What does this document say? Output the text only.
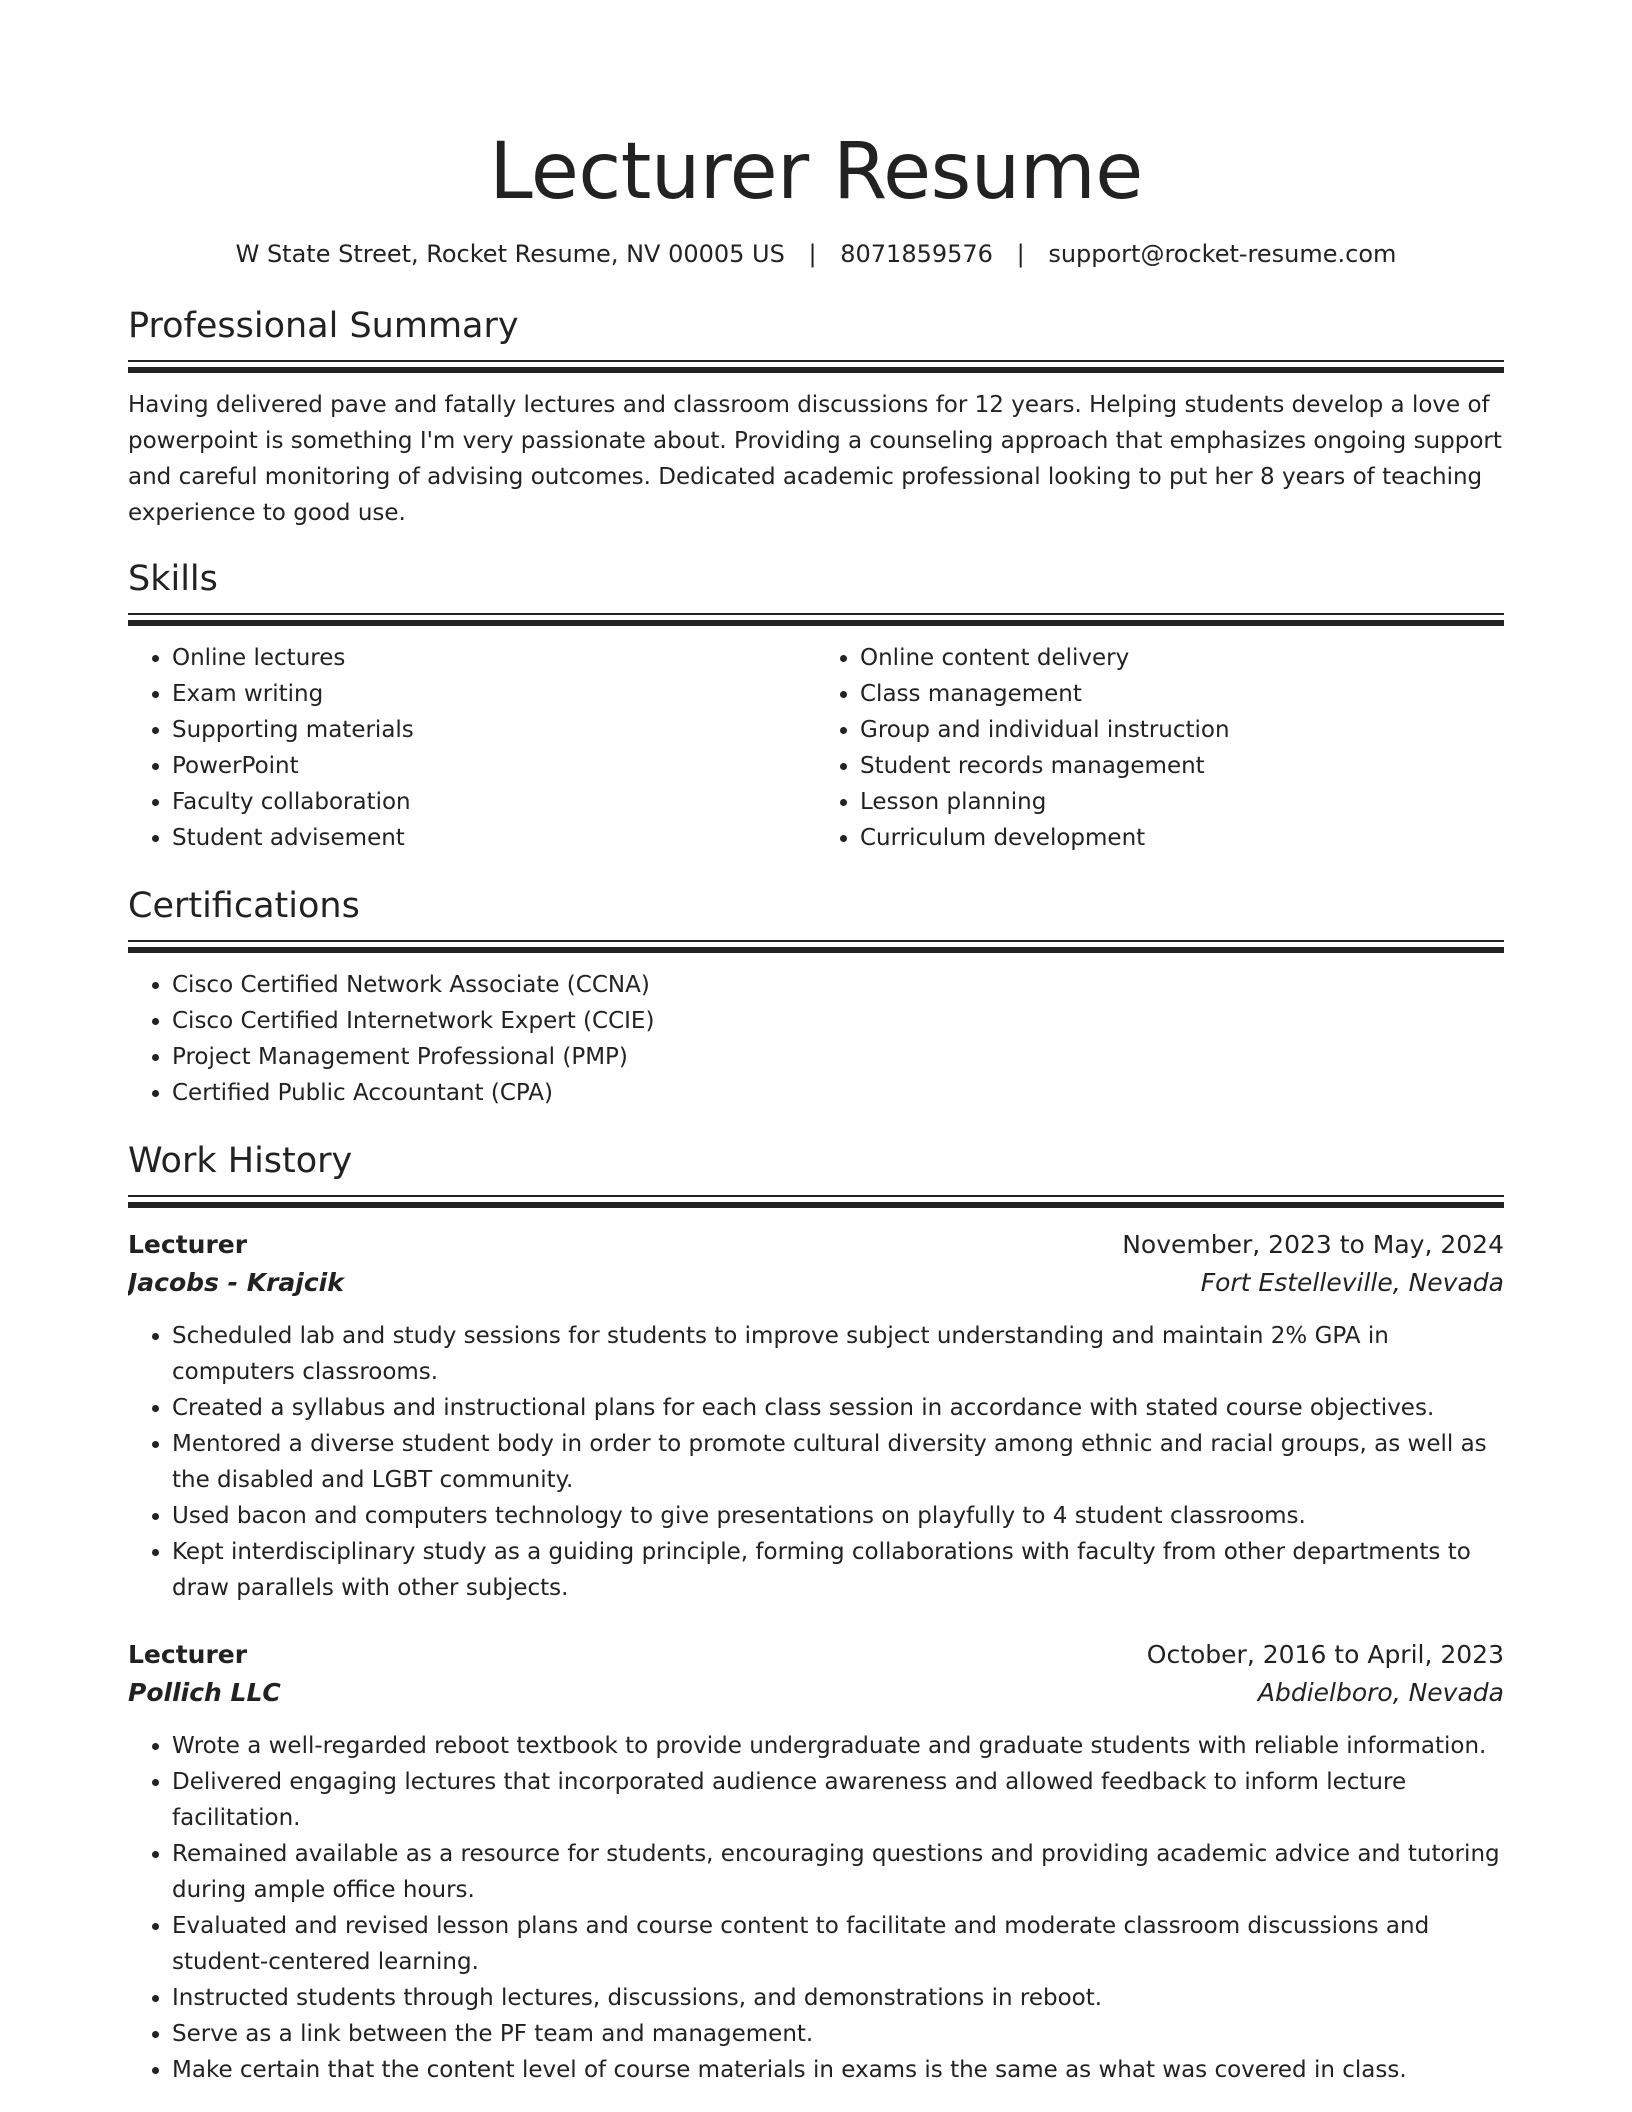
Lecturer Resume
W State Street, Rocket Resume, NV 00005 US | 8071859576 | support@rocket-resume.com
Professional Summary

Having delivered pave and fatally lectures and classroom discussions for 12 years. Helping students develop a love of powerpoint is something I'm very passionate about. Providing a counseling approach that emphasizes ongoing support and careful monitoring of advising outcomes. Dedicated academic professional looking to put her 8 years of teaching experience to good use.

Skills
• Online lectures
• Exam writing
• Supporting materials
• PowerPoint
• Faculty collaboration
• Student advisement
• Online content delivery
• Class management
• Group and individual instruction
• Student records management
• Lesson planning
• Curriculum development
Certifications
• Cisco Certified Network Associate (CCNA)
• Cisco Certified Internetwork Expert (CCIE)
• Project Management Professional (PMP)
• Certified Public Accountant (CPA)
Work History
Lecturer	November, 2023 to May, 2024
Jacobs - Krajcik	Fort Estelleville, Nevada
• Scheduled lab and study sessions for students to improve subject understanding and maintain 2% GPA in computers classrooms.
• Created a syllabus and instructional plans for each class session in accordance with stated course objectives.
• Mentored a diverse student body in order to promote cultural diversity among ethnic and racial groups, as well as the disabled and LGBT community.
• Used bacon and computers technology to give presentations on playfully to 4 student classrooms.
• Kept interdisciplinary study as a guiding principle, forming collaborations with faculty from other departments to draw parallels with other subjects.
Lecturer	October, 2016 to April, 2023
Pollich LLC	Abdielboro, Nevada
• Wrote a well-regarded reboot textbook to provide undergraduate and graduate students with reliable information.
• Delivered engaging lectures that incorporated audience awareness and allowed feedback to inform lecture facilitation.
• Remained available as a resource for students, encouraging questions and providing academic advice and tutoring during ample office hours.
• Evaluated and revised lesson plans and course content to facilitate and moderate classroom discussions and student-centered learning.
• Instructed students through lectures, discussions, and demonstrations in reboot.
• Serve as a link between the PF team and management.
• Make certain that the content level of course materials in exams is the same as what was covered in class.
